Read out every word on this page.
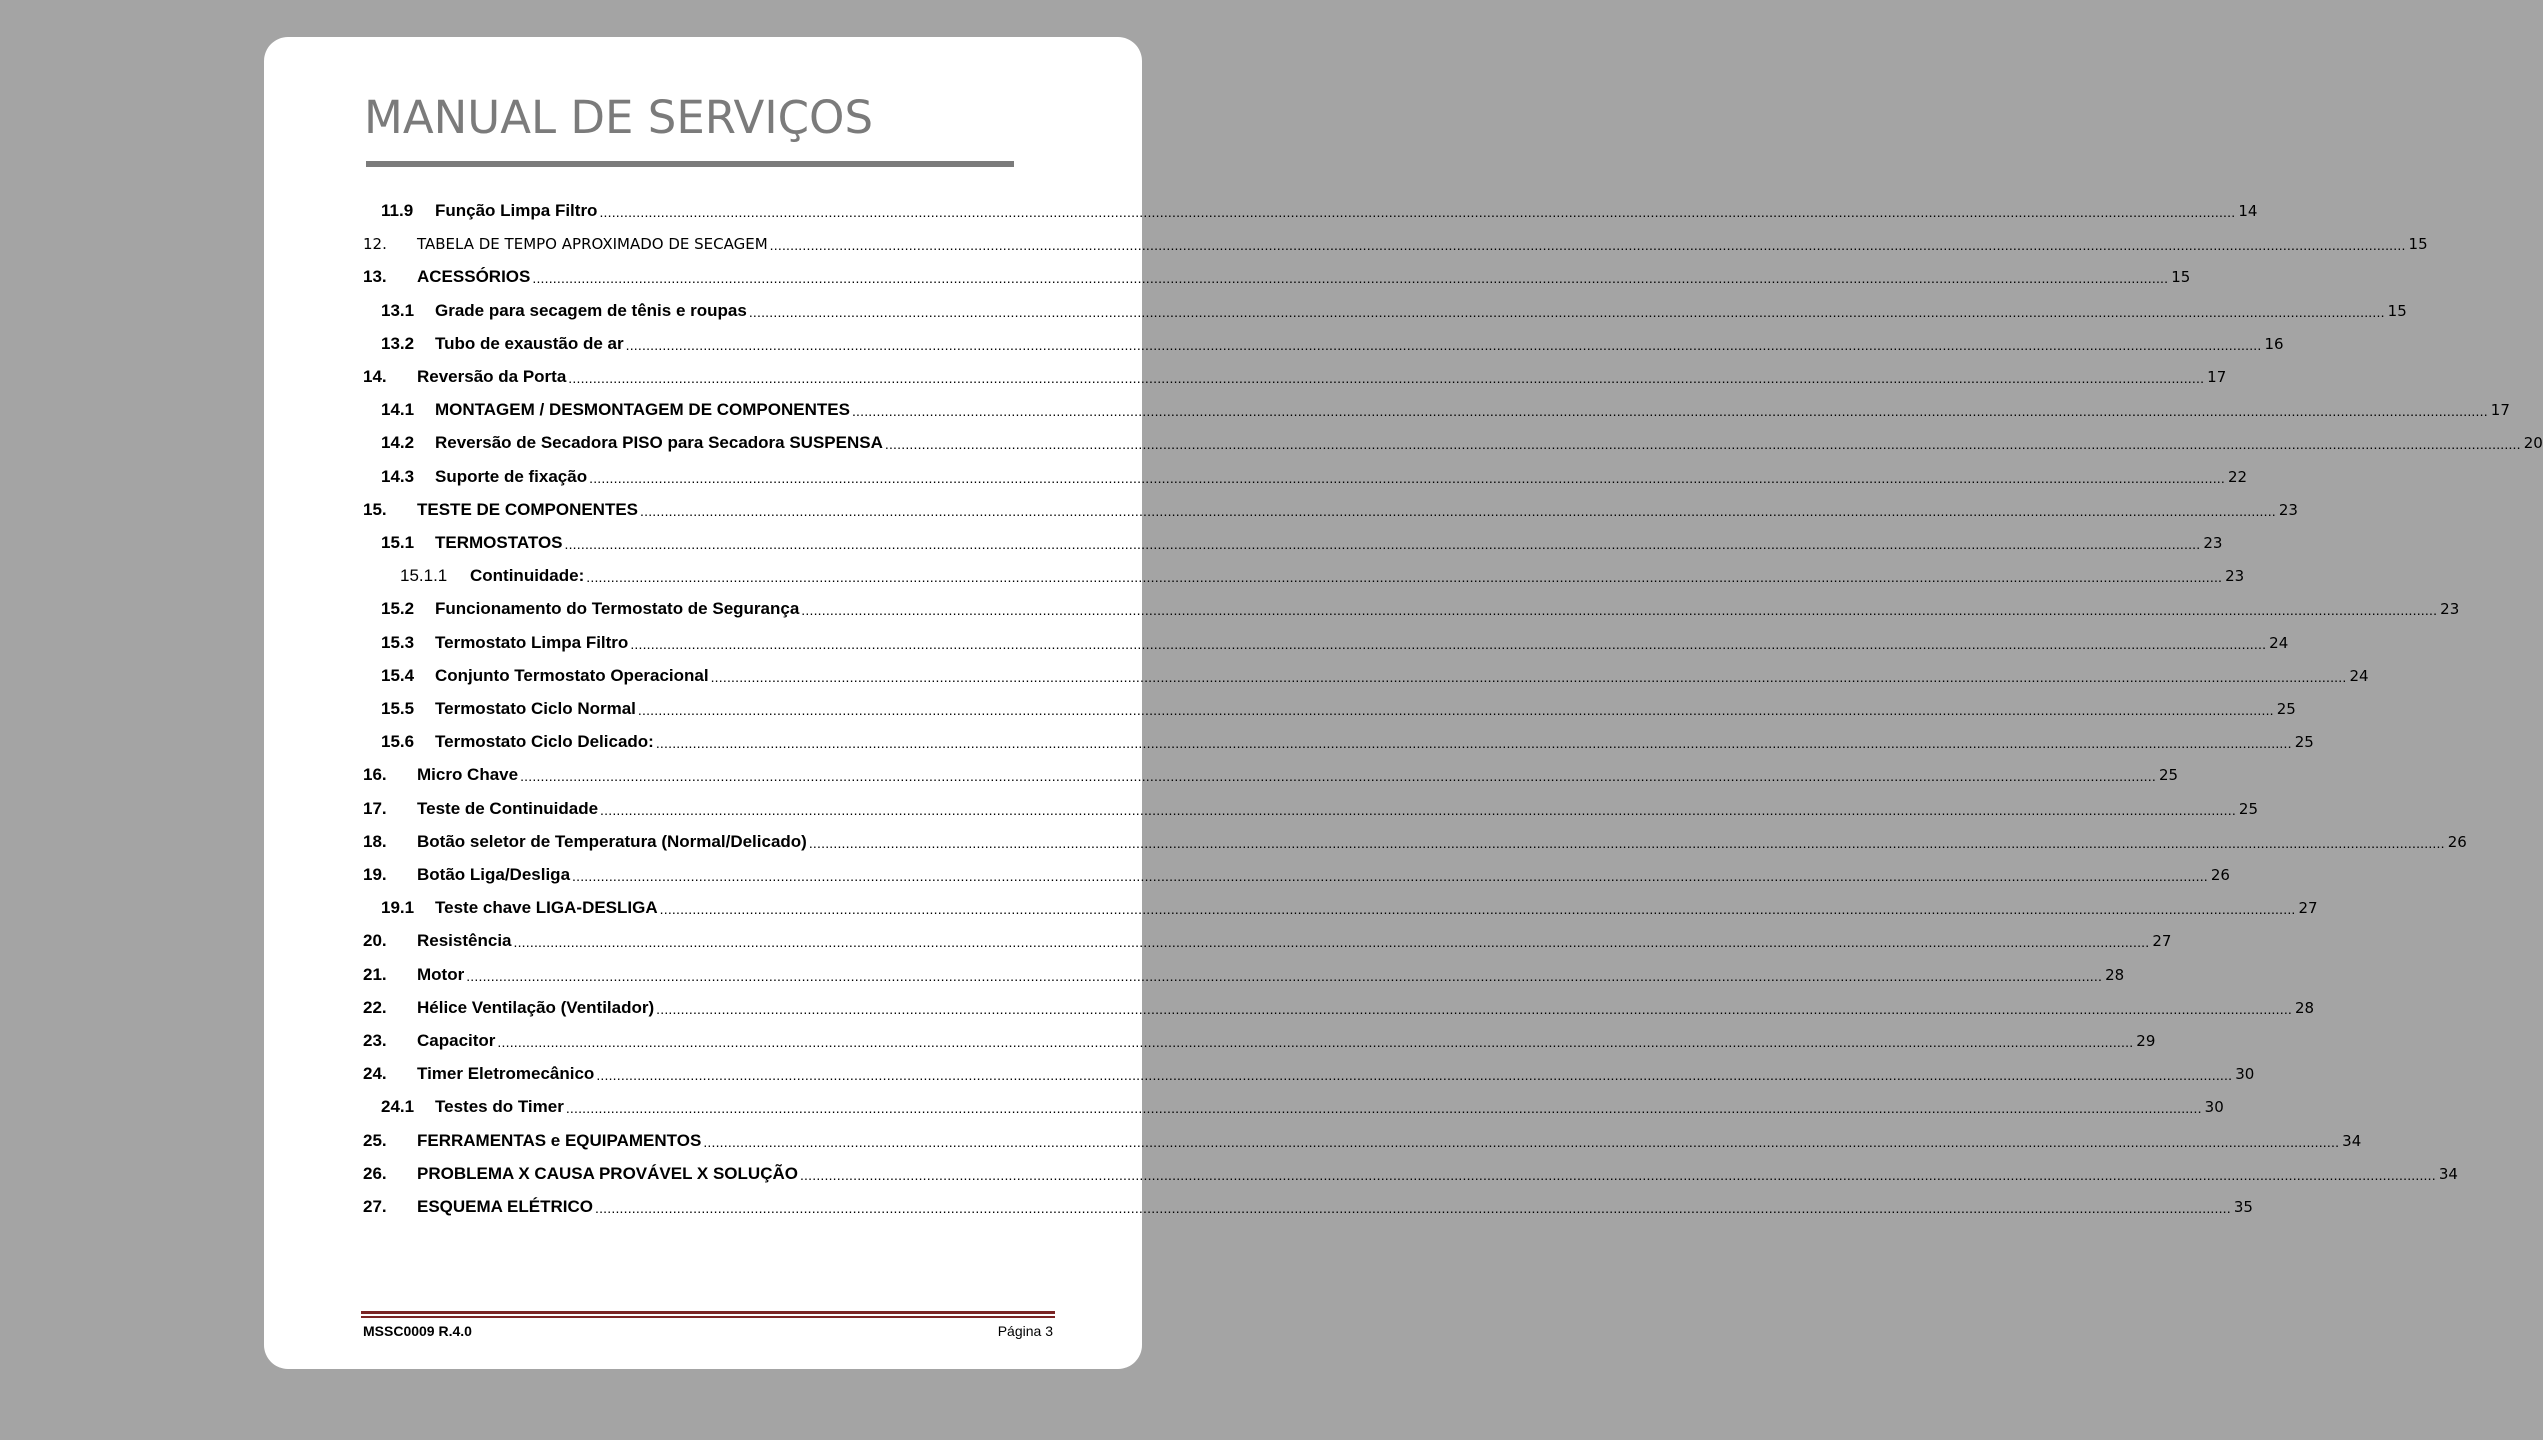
MANUAL DE SERVIÇOS
11.9	Função Limpa Filtro ................................................................................................................................................................................................................................................................................................................................................................................................................ 14
12.	TABELA DE TEMPO APROXIMADO DE SECAGEM ................................................................................................................................................................................................................................................................................................................................................................................................................ 15
13.	ACESSÓRIOS ................................................................................................................................................................................................................................................................................................................................................................................................................ 15
13.1	Grade para secagem de tênis e roupas ................................................................................................................................................................................................................................................................................................................................................................................................................ 15
13.2	Tubo de exaustão de ar ................................................................................................................................................................................................................................................................................................................................................................................................................ 16
14.	Reversão da Porta ................................................................................................................................................................................................................................................................................................................................................................................................................ 17
14.1	MONTAGEM / DESMONTAGEM DE COMPONENTES ................................................................................................................................................................................................................................................................................................................................................................................................................ 17
14.2	Reversão de Secadora PISO para Secadora SUSPENSA ................................................................................................................................................................................................................................................................................................................................................................................................................ 20
14.3	Suporte de fixação ................................................................................................................................................................................................................................................................................................................................................................................................................ 22
15.	TESTE DE COMPONENTES ................................................................................................................................................................................................................................................................................................................................................................................................................ 23
15.1	TERMOSTATOS ................................................................................................................................................................................................................................................................................................................................................................................................................ 23
15.1.1	Continuidade: ................................................................................................................................................................................................................................................................................................................................................................................................................ 23
15.2	Funcionamento do Termostato de Segurança ................................................................................................................................................................................................................................................................................................................................................................................................................ 23
15.3	Termostato Limpa Filtro ................................................................................................................................................................................................................................................................................................................................................................................................................ 24
15.4	Conjunto Termostato Operacional ................................................................................................................................................................................................................................................................................................................................................................................................................ 24
15.5	Termostato Ciclo Normal ................................................................................................................................................................................................................................................................................................................................................................................................................ 25
15.6	Termostato Ciclo Delicado: ................................................................................................................................................................................................................................................................................................................................................................................................................ 25
16.	Micro Chave ................................................................................................................................................................................................................................................................................................................................................................................................................ 25
17.	Teste de Continuidade ................................................................................................................................................................................................................................................................................................................................................................................................................ 25
18.	Botão seletor de Temperatura (Normal/Delicado) ................................................................................................................................................................................................................................................................................................................................................................................................................ 26
19.	Botão Liga/Desliga ................................................................................................................................................................................................................................................................................................................................................................................................................ 26
19.1	Teste chave LIGA-DESLIGA ................................................................................................................................................................................................................................................................................................................................................................................................................ 27
20.	Resistência ................................................................................................................................................................................................................................................................................................................................................................................................................ 27
21.	Motor ................................................................................................................................................................................................................................................................................................................................................................................................................ 28
22.	Hélice Ventilação (Ventilador) ................................................................................................................................................................................................................................................................................................................................................................................................................ 28
23.	Capacitor ................................................................................................................................................................................................................................................................................................................................................................................................................ 29
24.	Timer Eletromecânico ................................................................................................................................................................................................................................................................................................................................................................................................................ 30
24.1	Testes do Timer ................................................................................................................................................................................................................................................................................................................................................................................................................ 30
25.	FERRAMENTAS e EQUIPAMENTOS ................................................................................................................................................................................................................................................................................................................................................................................................................ 34
26.	PROBLEMA X CAUSA PROVÁVEL X SOLUÇÃO ................................................................................................................................................................................................................................................................................................................................................................................................................ 34
27.	ESQUEMA ELÉTRICO ................................................................................................................................................................................................................................................................................................................................................................................................................ 35
MSSC0009 R.4.0	Página 3
